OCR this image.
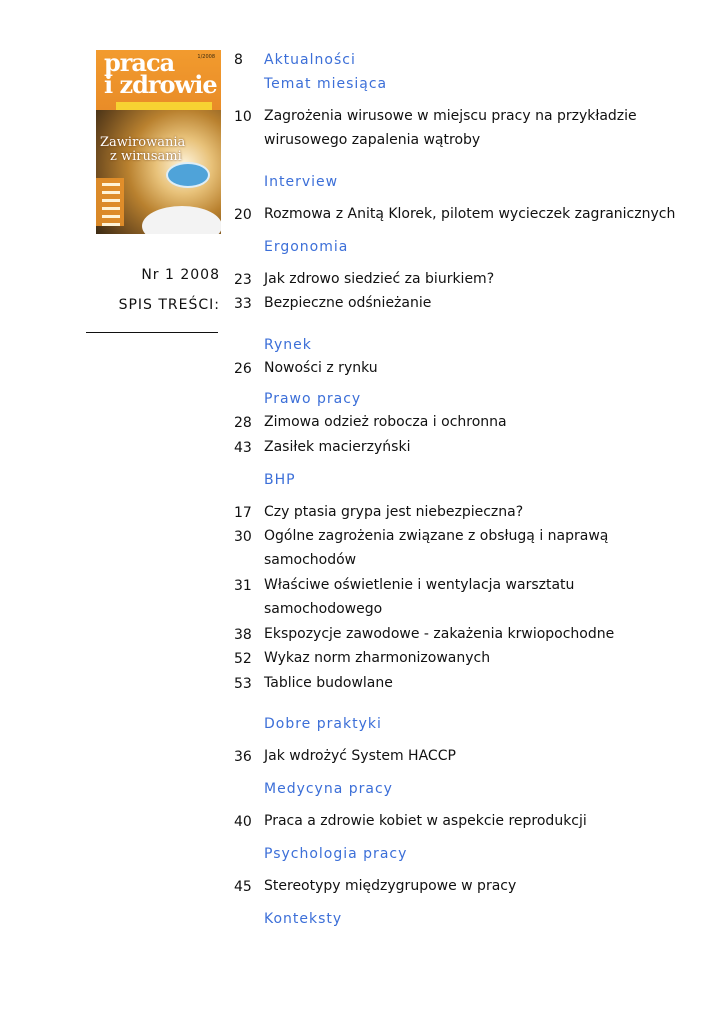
praca
i zdrowie
1/2008
Zawirowania
z wirusami
Nr 1 2008
SPIS TREŚCI:
8 Aktualności
Temat miesiąca
10 Zagrożenia wirusowe w miejscu pracy na przykładzie wirusowego zapalenia wątroby
Interview
20 Rozmowa z Anitą Klorek, pilotem wycieczek zagranicznych
Ergonomia
23 Jak zdrowo siedzieć za biurkiem?
33 Bezpieczne odśnieżanie
Rynek
26 Nowości z rynku
Prawo pracy
28 Zimowa odzież robocza i ochronna
43 Zasiłek macierzyński
BHP
17 Czy ptasia grypa jest niebezpieczna?
30 Ogólne zagrożenia związane z obsługą i naprawą samochodów
31 Właściwe oświetlenie i wentylacja warsztatu samochodowego
38 Ekspozycje zawodowe - zakażenia krwiopochodne
52 Wykaz norm zharmonizowanych
53 Tablice budowlane
Dobre praktyki
36 Jak wdrożyć System HACCP
Medycyna pracy
40 Praca a zdrowie kobiet w aspekcie reprodukcji
Psychologia pracy
45 Stereotypy międzygrupowe w pracy
Konteksty
